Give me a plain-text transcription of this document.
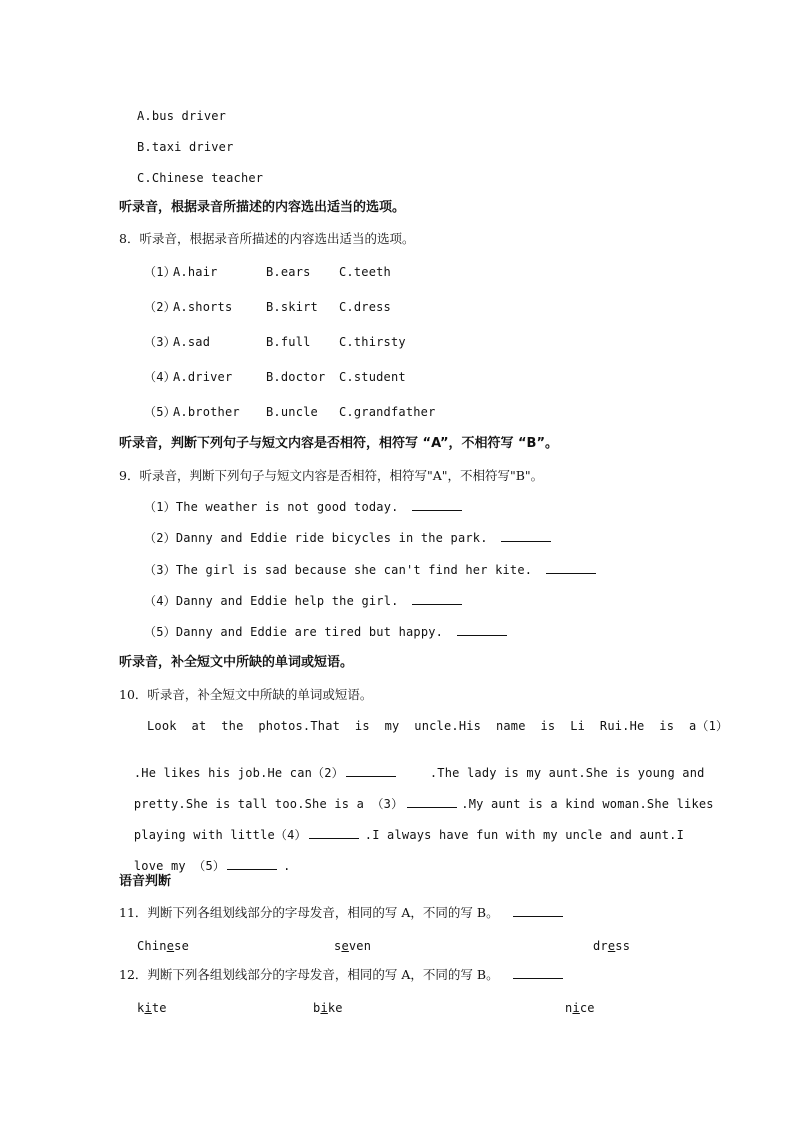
A.bus driver
B.taxi driver
C.Chinese teacher
听录音，根据录音所描述的内容选出适当的选项。
8．听录音，根据录音所描述的内容选出适当的选项。
（1）
A.hair	B.ears C.teeth
（2）
A.shorts	B.skirt C.dress
（3）
A.sad	B.full C.thirsty
（4）
A.driver	B.doctor C.student
（5）
A.brother B.uncle C.grandfather
听录音，判断下列句子与短文内容是否相符，相符写 “A”，不相符写 “B”。
9．听录音，判断下列句子与短文内容是否相符，相符写"A"，不相符写"B"。
（1）The weather is not good today.
（2）Danny and Eddie ride bicycles in the park.
（3）The girl is sad because she can't find her kite.
（4）Danny and Eddie help the girl.
（5）Danny and Eddie are tired but happy.
听录音，补全短文中所缺的单词或短语。
10．听录音，补全短文中所缺的单词或短语。
Look  at  the  photos.That  is  my  uncle.His  name  is  Li  Rui.He  is  a（1）

.He likes his job.He can（2）	.The lady is my aunt.She is young and

pretty.She is tall too.She is a （3）	.My aunt is a kind woman.She likes

playing with little（4）	.I always have fun with my uncle and aunt.I

love my （5）	.

语音判断
11．判断下列各组划线部分的字母发音，相同的写 A，不同的写 B。
Chinese	seven	dress
12．判断下列各组划线部分的字母发音，相同的写 A，不同的写 B。
kite	bike	nice
